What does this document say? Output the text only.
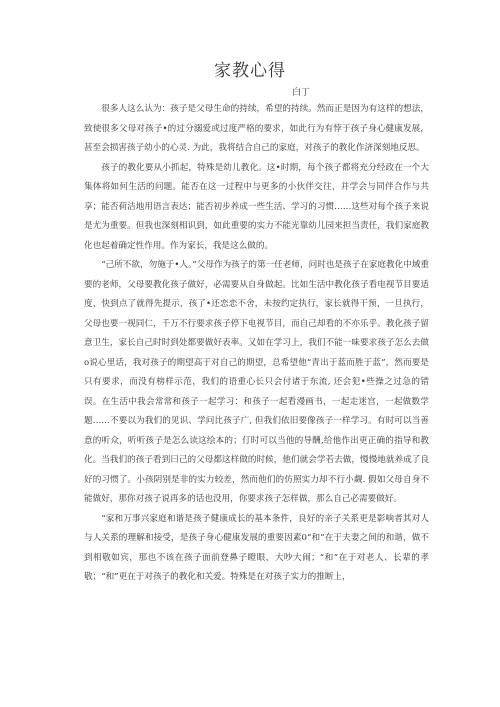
家教心得
白丁

很多人这么认为：孩子是父母生命的持续，希望的持续。然而正是因为有这样的想法，致使很多父母对孩子•的过分溺爱或过度严格的要求，如此行为有悖于孩子身心健康发展，甚至会损害孩子幼小的心灵. 为此，我将结合自己的家庭，对孩子的教化作济深刻地反思。

孩子的教化要从小抓起，特殊是幼儿教化。这•时期，每个孩子都将充分经政在一个大集体将如何生活的问题。能否在这一过程中与更多的小伙伴交往，并学会与同伴合作与共享；能否荷洁地用语言表达；能否初步养成一些生活、学习的习惯……这些对每个孩子来说是尤为重要。但我也深刻相识到，如此重要的实力不能光靠幼儿园来担当责任，我们家庭教化也起着确定性作用。作为家长，我是这么做的。

“己所不欲，勿施于•人。”父母作为孩子的第一任老师，问时也是孩子在家庭教化中域重要的老师，父母要教化孩子做好，必需要从自身做起。比如生活中教化孩子看电视节目要适度，快到点了就得先提示，孩了•还恋恋不舍，未按约定执行，家长就得干预，一旦执行，父母也要一视同仁，千万不行要求孩子停下电视节目，而自己却看的不亦乐乎。教化孩子留意卫生，家长自己时时到处都要做好表率。又如在学习上，我们不能一味要求孩子怎么去做o说心里话，我对孩子的期望高于对自己的期望，总希望他“青出于蓝而胜于蓝”，然而要是只有要求，而没有榜样示范，我们的语重心长只会付诸于东流, 还会犯•些操之过急的错误。在生活中我会常常和孩子一起学习：和孩子一起看漫画书，一起走迷宫，一起做数学题……不要以为我们的见识、学问比孩子广, 但我们依旧要像孩子一样学习。有时可以当善意的听众，听听孩子是怎么读这绘本的；仃时可以当他的导酬,给他作出更正确的指导和教化。当我们的孩子看到曰己的父母都这样做的时候，他们就会学若去做，慢慢地就养成了良好的习惯了。小孩阴别是非的实力较差，然而他们的仿照实力却不行小觑. 假如父母自身不能做好，那你对孩子说再多的话也没用，你要求孩子怎样做，那么自己必需要做好。

“家和万事兴家庭和谐是孩子健康成长的基本条件，良好的亲子关系更是影响者其对人与人关系的理解和接受，是孩子身心健康发展的重要因素0“和”在于夫妻之间的和谐，做不到相敬如宾，那也不该在孩子面前登鼻子瞪眼，大吵大闹；“和”在于对老人、长辈的孝敬；“和”更在于对孩子的教化和关爱。特殊是在对孩子实力的推断上，
